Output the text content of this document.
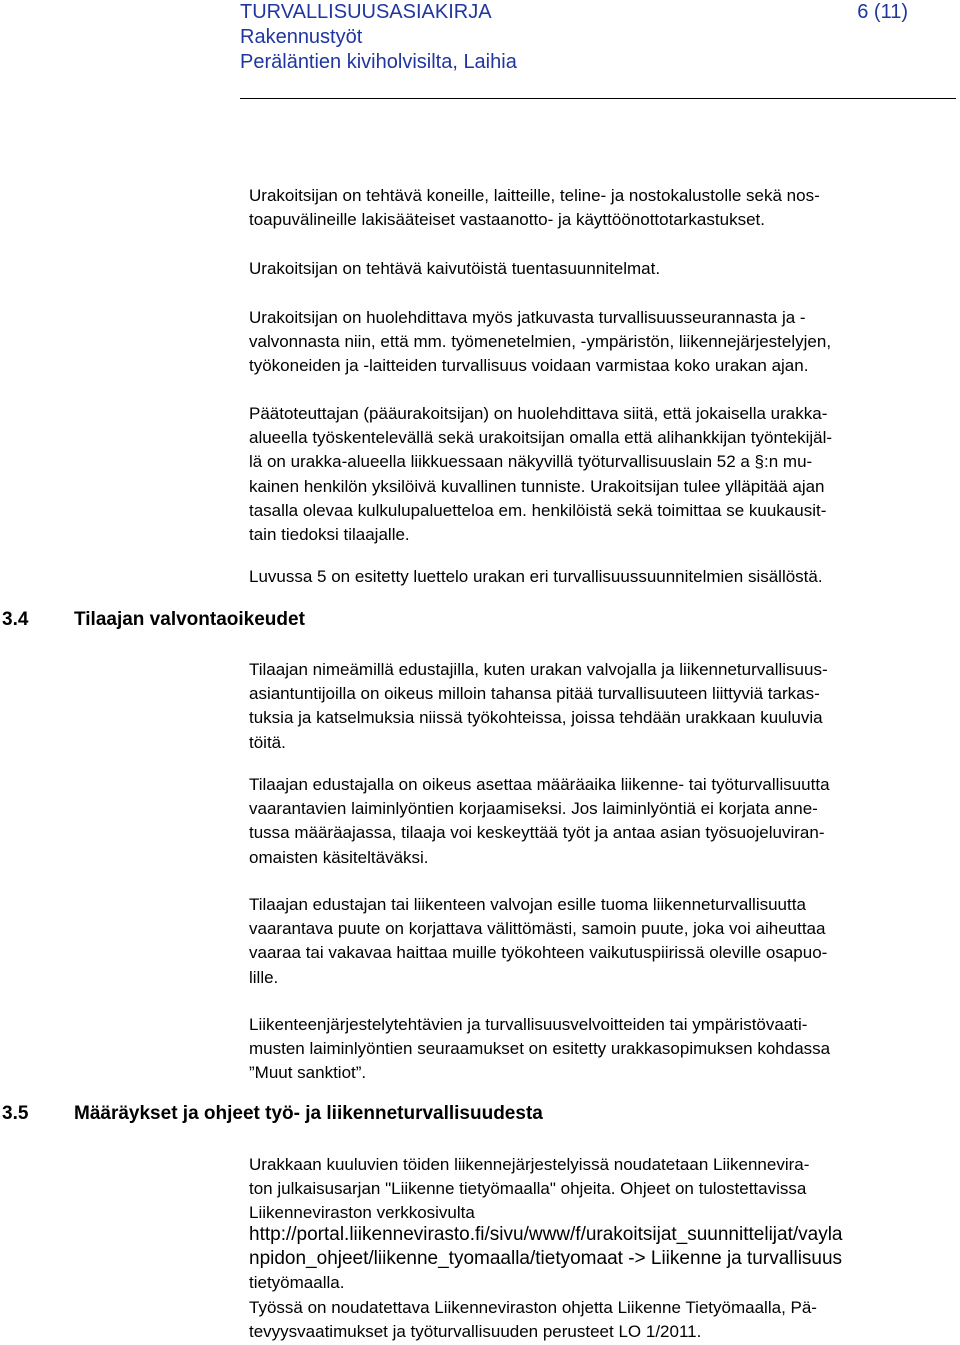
TURVALLISUUSASIAKIRJA	6 (11)
Rakennustyöt
Peräläntien kiviholvisilta, Laihia

Urakoitsijan on tehtävä koneille, laitteille, teline- ja nostokalustolle sekä nos-
toapuvälineille lakisääteiset vastaanotto- ja käyttöönottotarkastukset.

Urakoitsijan on tehtävä kaivutöistä tuentasuunnitelmat.

Urakoitsijan on huolehdittava myös jatkuvasta turvallisuusseurannasta ja -
valvonnasta niin, että mm. työmenetelmien, -ympäristön, liikennejärjestelyjen,
työkoneiden ja -laitteiden turvallisuus voidaan varmistaa koko urakan ajan.

Päätoteuttajan (pääurakoitsijan) on huolehdittava siitä, että jokaisella urakka-
alueella työskentelevällä sekä urakoitsijan omalla että alihankkijan työntekijäl-
lä on urakka-alueella liikkuessaan näkyvillä työturvallisuuslain 52 a §:n mu-
kainen henkilön yksilöivä kuvallinen tunniste. Urakoitsijan tulee ylläpitää ajan
tasalla olevaa kulkulupaluetteloa em. henkilöistä sekä toimittaa se kuukausit-
tain tiedoksi tilaajalle.

Luvussa 5 on esitetty luettelo urakan eri turvallisuussuunnitelmien sisällöstä.

3.4 Tilaajan valvontaoikeudet

Tilaajan nimeämillä edustajilla, kuten urakan valvojalla ja liikenneturvallisuus-
asiantuntijoilla on oikeus milloin tahansa pitää turvallisuuteen liittyviä tarkas-
tuksia ja katselmuksia niissä työkohteissa, joissa tehdään urakkaan kuuluvia
töitä.

Tilaajan edustajalla on oikeus asettaa määräaika liikenne- tai työturvallisuutta
vaarantavien laiminlyöntien korjaamiseksi. Jos laiminlyöntiä ei korjata anne-
tussa määräajassa, tilaaja voi keskeyttää työt ja antaa asian työsuojeluviran-
omaisten käsiteltäväksi.

Tilaajan edustajan tai liikenteen valvojan esille tuoma liikenneturvallisuutta
vaarantava puute on korjattava välittömästi, samoin puute, joka voi aiheuttaa
vaaraa tai vakavaa haittaa muille työkohteen vaikutuspiirissä oleville osapuo-
lille.

Liikenteenjärjestelytehtävien ja turvallisuusvelvoitteiden tai ympäristövaati-
musten laiminlyöntien seuraamukset on esitetty urakkasopimuksen kohdassa
”Muut sanktiot”.

3.5 Määräykset ja ohjeet työ- ja liikenneturvallisuudesta

Urakkaan kuuluvien töiden liikennejärjestelyissä noudatetaan Liikennevira-
ton julkaisusarjan "Liikenne tietyömaalla" ohjeita. Ohjeet on tulostettavissa
Liikenneviraston verkkosivulta

http://portal.liikennevirasto.fi/sivu/www/f/urakoitsijat_suunnittelijat/vayla
npidon_ohjeet/liikenne_tyomaalla/tietyomaat -> Liikenne ja turvallisuus
tietyömaalla.
Työssä on noudatettava Liikenneviraston ohjetta Liikenne Tietyömaalla, Pä-
tevyysvaatimukset ja työturvallisuuden perusteet LO 1/2011.
